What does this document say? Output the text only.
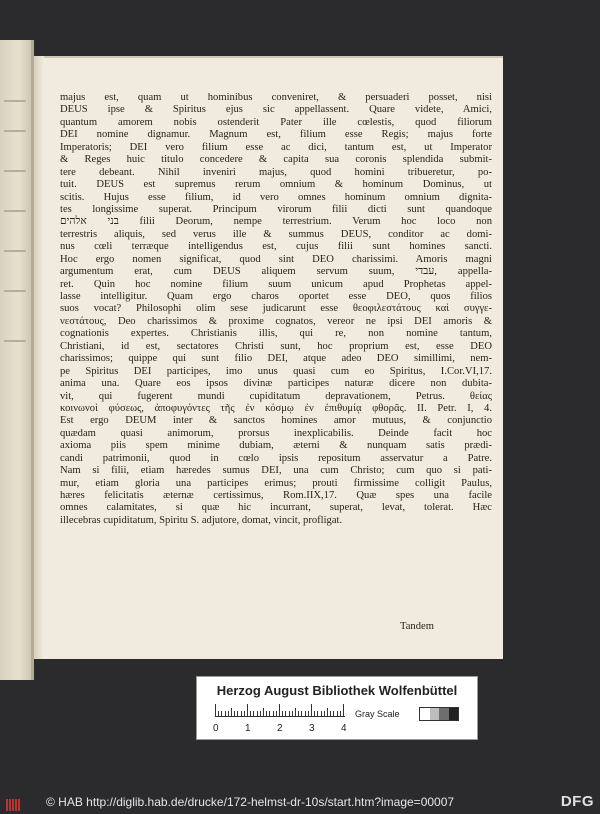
majus est, quam ut hominibus conveniret, & persuaderi posset, nisi
DEUS ipse & Spiritus ejus sic appellassent. Quare videte, Amici,
quantum amorem nobis ostenderit Pater ille cœlestis, quod filiorum
DEI nomine dignamur. Magnum est, filium esse Regis; majus forte
Imperatoris; DEI vero filium esse ac dici, tantum est, ut Imperator
& Reges huic titulo concedere & capita sua coronis splendida submit-
tere debeant. Nihil inveniri majus, quod homini tribueretur, po-
tuit. DEUS est supremus rerum omnium & hominum Dominus, ut
scitis. Hujus esse filium, id vero omnes hominum omnium dignita-
tes longissime superat. Principum virorum filii dicti sunt quandoque
בני אלהים filii Deorum, nempe terrestrium. Verum hoc loco non
terrestris aliquis, sed verus ille & summus DEUS, conditor ac domi-
nus cœli terræque intelligendus est, cujus filii sunt homines sancti.
Hoc ergo nomen significat, quod sint DEO charissimi. Amoris magni
argumentum erat, cum DEUS aliquem servum suum, עבדי, appella-
ret. Quin hoc nomine filium suum unicum apud Prophetas appel-
lasse intelligitur. Quam ergo charos oportet esse DEO, quos filios
suos vocat? Philosophi olim sese judicarunt esse θεοφιλεστάτους καὶ συγγε-
νεστάτους, Deo charissimos & proxime cognatos, vereor ne ipsi DEI amoris &
cognationis expertes. Christianis illis, qui re, non nomine tantum,
Christiani, id est, sectatores Christi sunt, hoc proprium est, esse DEO
charissimos; quippe qui sunt filio DEI, atque adeo DEO simillimi, nem-
pe Spiritus DEI participes, imo unus quasi cum eo Spiritus, I.Cor.VI,17.
anima una. Quare eos ipsos divinæ participes naturæ dicere non dubita-
vit, qui fugerent mundi cupiditatum depravationem, Petrus. θείας
κοινωνοὶ φύσεως, ἀποφυγόντες τῆς ἐν κόσμῳ ἐν ἐπιθυμίᾳ φθορᾶς. II. Petr. I, 4.
Est ergo DEUM inter & sanctos homines amor mutuus, & conjunctio
quædam quasi animorum, prorsus inexplicabilis. Deinde facit hoc
axioma piis spem minime dubiam, æterni & nunquam satis prædi-
candi patrimonii, quod in cœlo ipsis repositum asservatur a Patre.
Nam si filii, etiam hæredes sumus DEI, una cum Christo; cum quo si pati-
mur, etiam gloria una participes erimus; prouti firmissime colligit Paulus,
hæres felicitatis æternæ certissimus, Rom.IIX,17. Quæ spes una facile
omnes calamitates, si quæ hic incurrant, superat, levat, tolerat. Hæc
illecebras cupiditatum, Spiritu S. adjutore, domat, vincit, profligat.
Tandem
Herzog August Bibliothek Wolfenbüttel
0	1	2	3	4
Gray Scale
© HAB http://diglib.hab.de/drucke/172-helmst-dr-10s/start.htm?image=00007	DFG
